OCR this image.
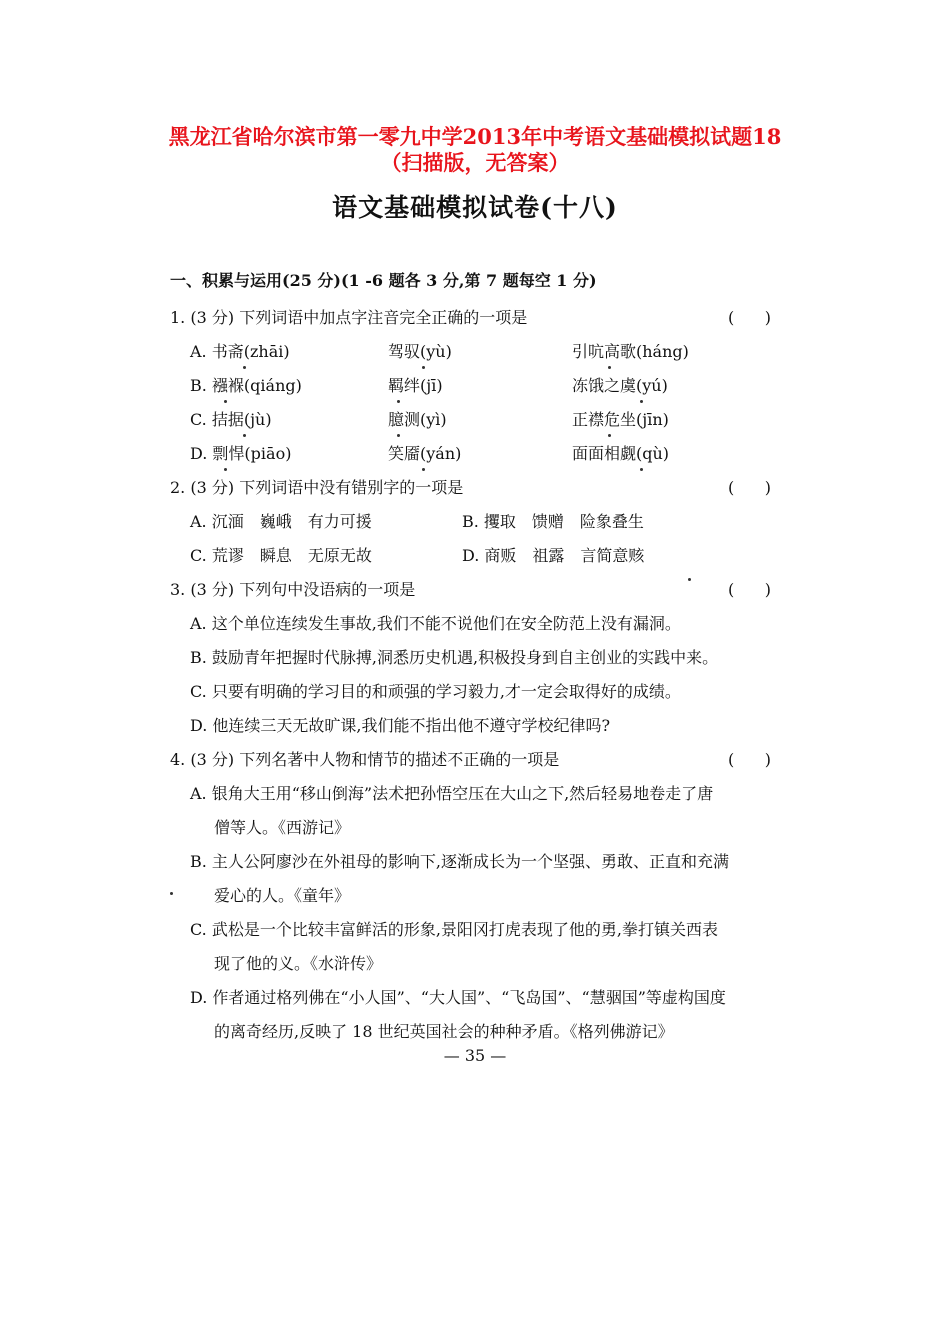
黑龙江省哈尔滨市第一零九中学2013年中考语文基础模拟试题18
（扫描版，无答案）
语文基础模拟试卷(十八)
一、积累与运用(25 分)(1 -6 题各 3 分,第 7 题每空 1 分)
1. (3 分) 下列词语中加点字注音完全正确的一项是	(      )
A. 书斋(zhāi)	驾驭(yù)	引吭高歌(háng)
B. 襁褓(qiáng)	羁绊(jī)	冻饿之虞(yú)
C. 拮据(jù)	臆测(yì)	正襟危坐(jīn)
D. 剽悍(piāo)	笑靥(yán)	面面相觑(qù)
2. (3 分) 下列词语中没有错别字的一项是	(      )
A. 沉湎　巍峨　有力可援	B. 攫取　馈赠　险象叠生
C. 荒谬　瞬息　无原无故	D. 商贩　祖露　言简意赅
3. (3 分) 下列句中没语病的一项是	(      )
A. 这个单位连续发生事故,我们不能不说他们在安全防范上没有漏洞。
B. 鼓励青年把握时代脉搏,洞悉历史机遇,积极投身到自主创业的实践中来。
C. 只要有明确的学习目的和顽强的学习毅力,才一定会取得好的成绩。
D. 他连续三天无故旷课,我们能不指出他不遵守学校纪律吗?
4. (3 分) 下列名著中人物和情节的描述不正确的一项是	(      )
A. 银角大王用“移山倒海”法术把孙悟空压在大山之下,然后轻易地卷走了唐
僧等人。《西游记》
B. 主人公阿廖沙在外祖母的影响下,逐渐成长为一个坚强、勇敢、正直和充满
爱心的人。《童年》
C. 武松是一个比较丰富鲜活的形象,景阳冈打虎表现了他的勇,拳打镇关西表
现了他的义。《水浒传》
D. 作者通过格列佛在“小人国”、“大人国”、“飞岛国”、“慧骃国”等虚构国度
的离奇经历,反映了 18 世纪英国社会的种种矛盾。《格列佛游记》
— 35 —
